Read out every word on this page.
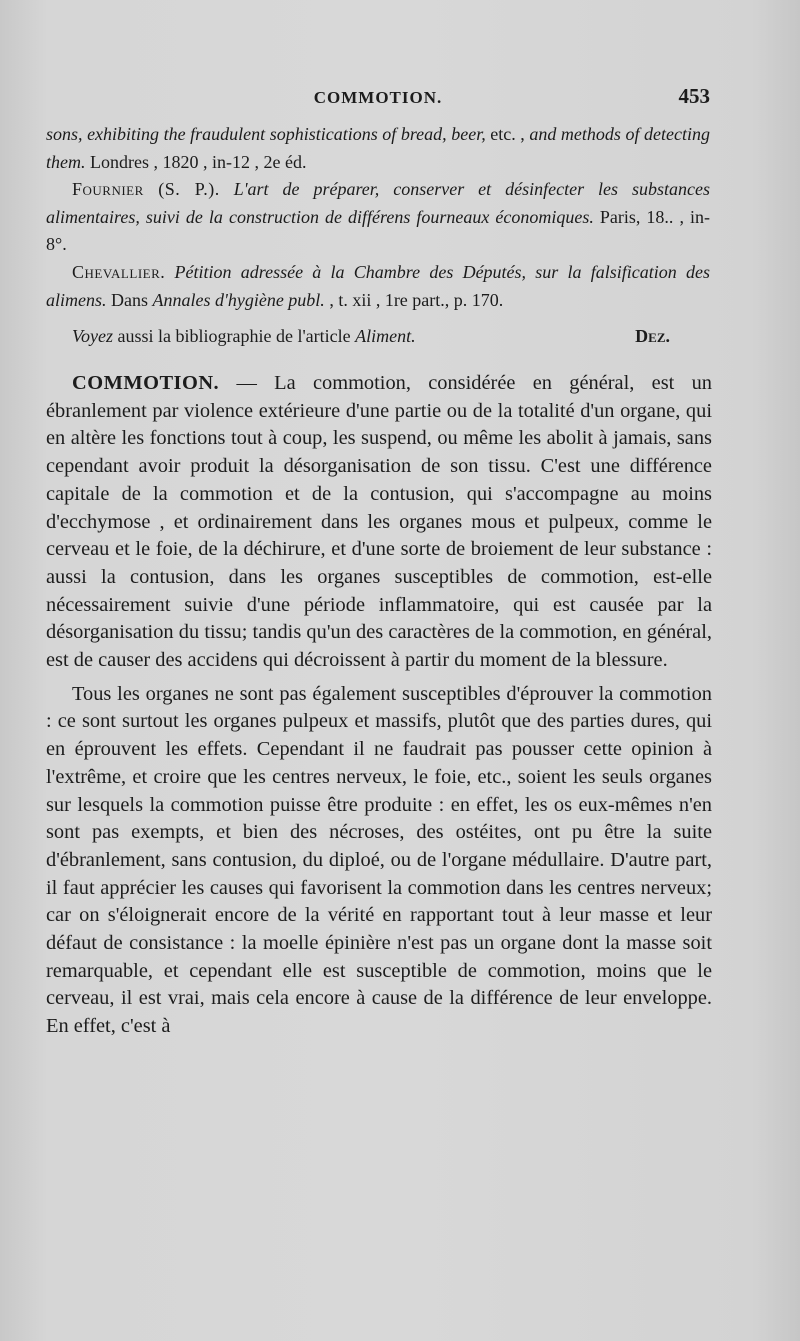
COMMOTION.	453

sons, exhibiting the fraudulent sophistications of bread, beer, etc. , and methods of detecting them. Londres , 1820 , in-12 , 2e éd.

Fournier (S. P.). L'art de préparer, conserver et désinfecter les substances alimentaires, suivi de la construction de différens fourneaux économiques. Paris, 18.. , in-8°.

Chevallier. Pétition adressée à la Chambre des Députés, sur la falsification des alimens. Dans Annales d'hygiène publ. , t. xii , 1re part., p. 170.

Voyez aussi la bibliographie de l'article Aliment.	Dez.

COMMOTION. — La commotion, considérée en général, est un ébranlement par violence extérieure d'une partie ou de la totalité d'un organe, qui en altère les fonctions tout à coup, les suspend, ou même les abolit à jamais, sans cependant avoir produit la désorganisation de son tissu. C'est une différence capitale de la commotion et de la contusion, qui s'accompagne au moins d'ecchymose , et ordinairement dans les organes mous et pulpeux, comme le cerveau et le foie, de la déchirure, et d'une sorte de broiement de leur substance : aussi la contusion, dans les organes susceptibles de commotion, est-elle nécessairement suivie d'une période inflammatoire, qui est causée par la désorganisation du tissu; tandis qu'un des caractères de la commotion, en général, est de causer des accidens qui décroissent à partir du moment de la blessure.

Tous les organes ne sont pas également susceptibles d'éprouver la commotion : ce sont surtout les organes pulpeux et massifs, plutôt que des parties dures, qui en éprouvent les effets. Cependant il ne faudrait pas pousser cette opinion à l'extrême, et croire que les centres nerveux, le foie, etc., soient les seuls organes sur lesquels la commotion puisse être produite : en effet, les os eux-mêmes n'en sont pas exempts, et bien des nécroses, des ostéites, ont pu être la suite d'ébranlement, sans contusion, du diploé, ou de l'organe médullaire. D'autre part, il faut apprécier les causes qui favorisent la commotion dans les centres nerveux; car on s'éloignerait encore de la vérité en rapportant tout à leur masse et leur défaut de consistance : la moelle épinière n'est pas un organe dont la masse soit remarquable, et cependant elle est susceptible de commotion, moins que le cerveau, il est vrai, mais cela encore à cause de la différence de leur enveloppe. En effet, c'est à
